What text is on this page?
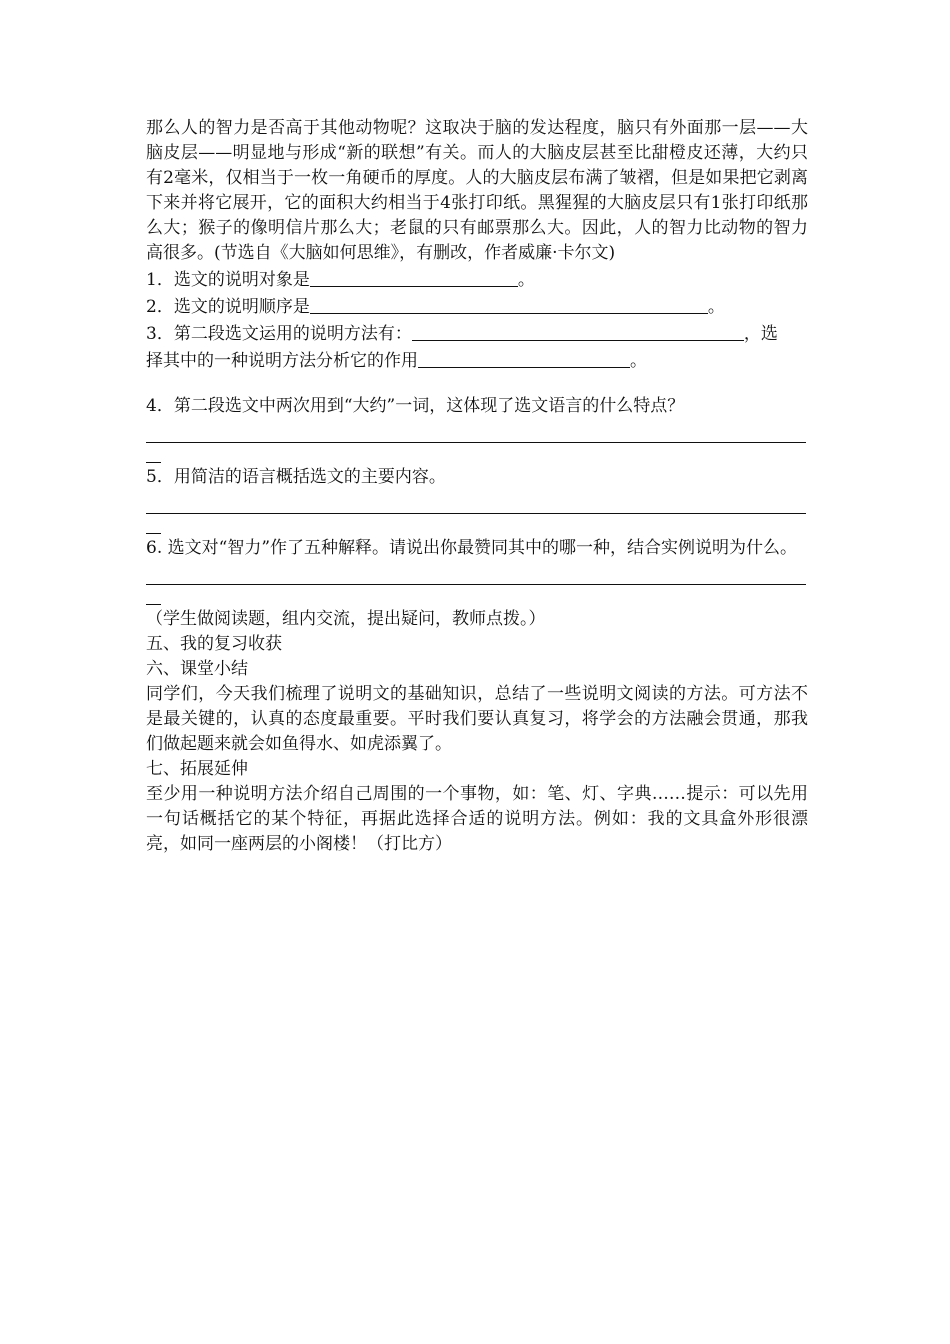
那么人的智力是否高于其他动物呢？这取决于脑的发达程度，脑只有外面那一层——大脑皮层——明显地与形成“新的联想”有关。而人的大脑皮层甚至比甜橙皮还薄，大约只有2毫米，仅相当于一枚一角硬币的厚度。人的大脑皮层布满了皱褶，但是如果把它剥离下来并将它展开，它的面积大约相当于4张打印纸。黑猩猩的大脑皮层只有1张打印纸那么大；猴子的像明信片那么大；老鼠的只有邮票那么大。因此，人的智力比动物的智力高很多。(节选自《大脑如何思维》，有删改，作者威廉·卡尔文)

1．选文的说明对象是	。

2．选文的说明顺序是	。

3．第二段选文运用的说明方法有：	，选

择其中的一种说明方法分析它的作用	。

4．第二段选文中两次用到“大约”一词，这体现了选文语言的什么特点？

5．用简洁的语言概括选文的主要内容。

6. 选文对“智力”作了五种解释。请说出你最赞同其中的哪一种，结合实例说明为什么。

（学生做阅读题，组内交流，提出疑问，教师点拨。）

五、我的复习收获

六、课堂小结

同学们，今天我们梳理了说明文的基础知识，总结了一些说明文阅读的方法。可方法不是最关键的，认真的态度最重要。平时我们要认真复习，将学会的方法融会贯通，那我们做起题来就会如鱼得水、如虎添翼了。

七、拓展延伸

至少用一种说明方法介绍自己周围的一个事物，如：笔、灯、字典……提示：可以先用一句话概括它的某个特征，再据此选择合适的说明方法。例如：我的文具盒外形很漂亮，如同一座两层的小阁楼！（打比方）
